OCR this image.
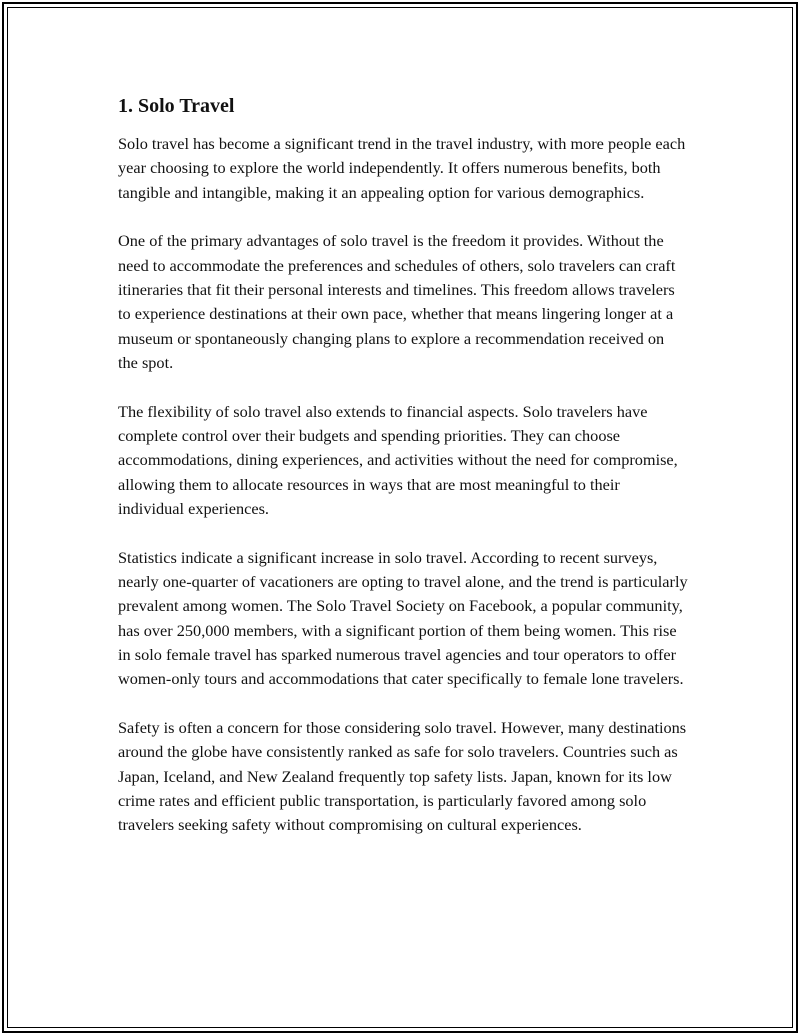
1. Solo Travel

Solo travel has become a significant trend in the travel industry, with more people each year choosing to explore the world independently. It offers numerous benefits, both tangible and intangible, making it an appealing option for various demographics.

One of the primary advantages of solo travel is the freedom it provides. Without the need to accommodate the preferences and schedules of others, solo travelers can craft itineraries that fit their personal interests and timelines. This freedom allows travelers to experience destinations at their own pace, whether that means lingering longer at a museum or spontaneously changing plans to explore a recommendation received on the spot.

The flexibility of solo travel also extends to financial aspects. Solo travelers have complete control over their budgets and spending priorities. They can choose accommodations, dining experiences, and activities without the need for compromise, allowing them to allocate resources in ways that are most meaningful to their individual experiences.

Statistics indicate a significant increase in solo travel. According to recent surveys, nearly one-quarter of vacationers are opting to travel alone, and the trend is particularly prevalent among women. The Solo Travel Society on Facebook, a popular community, has over 250,000 members, with a significant portion of them being women. This rise in solo female travel has sparked numerous travel agencies and tour operators to offer women-only tours and accommodations that cater specifically to female lone travelers.

Safety is often a concern for those considering solo travel. However, many destinations around the globe have consistently ranked as safe for solo travelers. Countries such as Japan, Iceland, and New Zealand frequently top safety lists. Japan, known for its low crime rates and efficient public transportation, is particularly favored among solo travelers seeking safety without compromising on cultural experiences.
